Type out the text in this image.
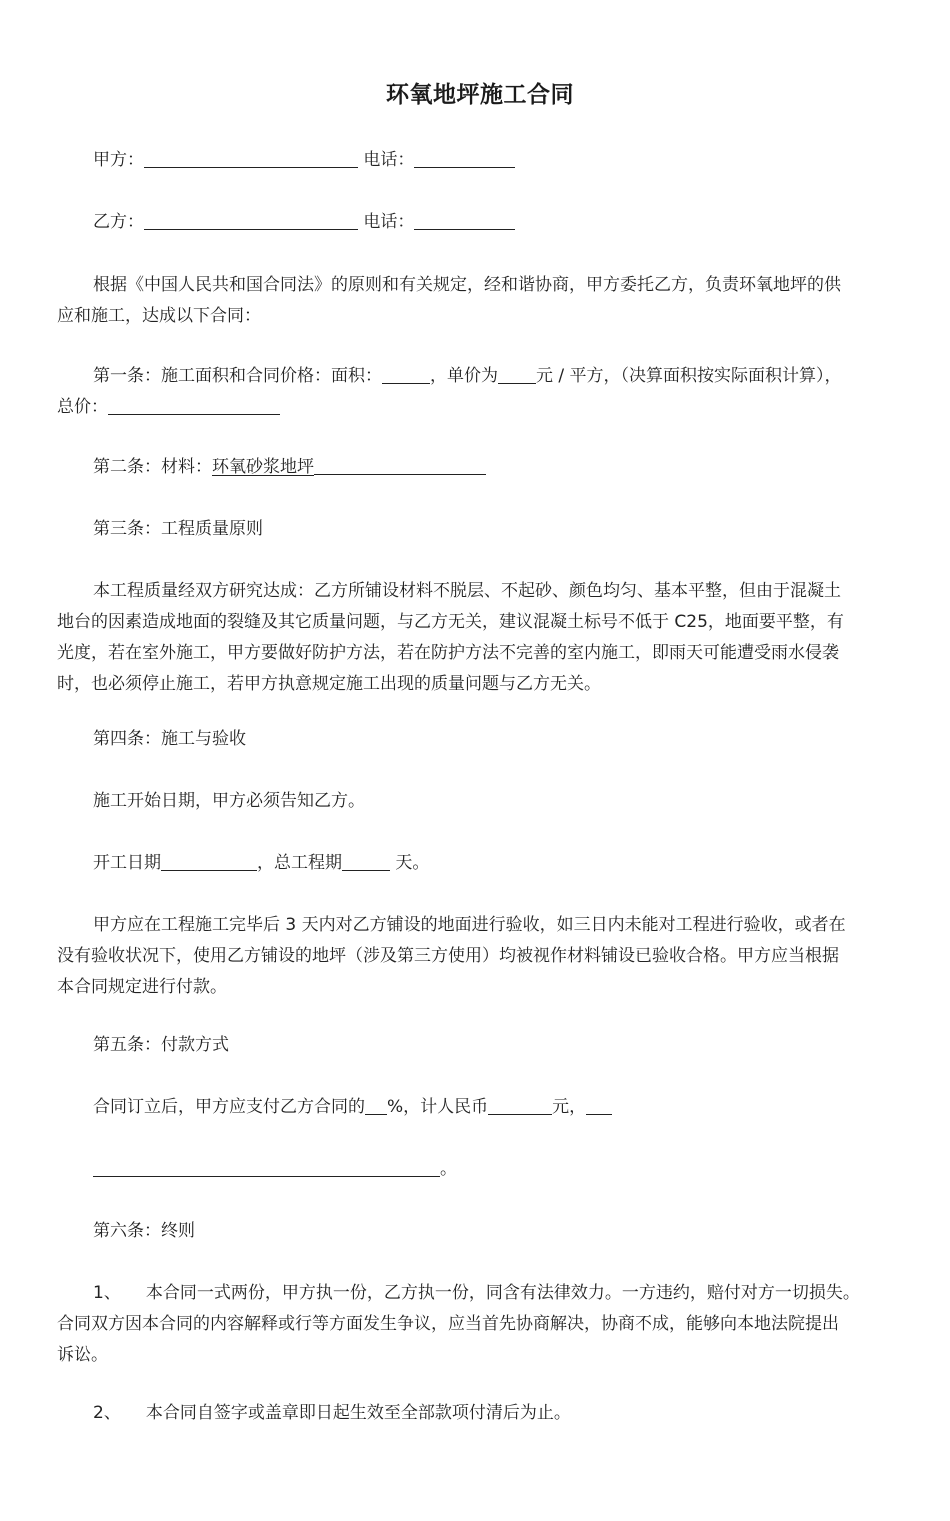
环氧地坪施工合同
甲方：	电话：
乙方：	电话：
根据《中国人民共和国合同法》的原则和有关规定，经和谐协商，甲方委托乙方，负责环氧地坪的供
应和施工，达成以下合同：
第一条：施工面积和合同价格：面积：	，单价为 元 / 平方，（决算面积按实际面积计算），
总价：
第二条：材料：环氧砂浆地坪
第三条：工程质量原则
本工程质量经双方研究达成：乙方所铺设材料不脱层、不起砂、颜色均匀、基本平整，但由于混凝土
地台的因素造成地面的裂缝及其它质量问题，与乙方无关，建议混凝土标号不低于 C25，地面要平整，有
光度，若在室外施工，甲方要做好防护方法，若在防护方法不完善的室内施工，即雨天可能遭受雨水侵袭
时，也必须停止施工，若甲方执意规定施工出现的质量问题与乙方无关。
第四条：施工与验收
施工开始日期，甲方必须告知乙方。
开工日期	，总工程期	天。
甲方应在工程施工完毕后 3 天内对乙方铺设的地面进行验收，如三日内未能对工程进行验收，或者在
没有验收状况下，使用乙方铺设的地坪（涉及第三方使用）均被视作材料铺设已验收合格。甲方应当根据
本合同规定进行付款。
第五条：付款方式
合同订立后，甲方应支付乙方合同的 %，计人民币	元，
。
第六条：终则
1、 本合同一式两份，甲方执一份，乙方执一份，同含有法律效力。一方违约，赔付对方一切损失。
合同双方因本合同的内容解释或行等方面发生争议，应当首先协商解决，协商不成，能够向本地法院提出
诉讼。
2、 本合同自签字或盖章即日起生效至全部款项付清后为止。
